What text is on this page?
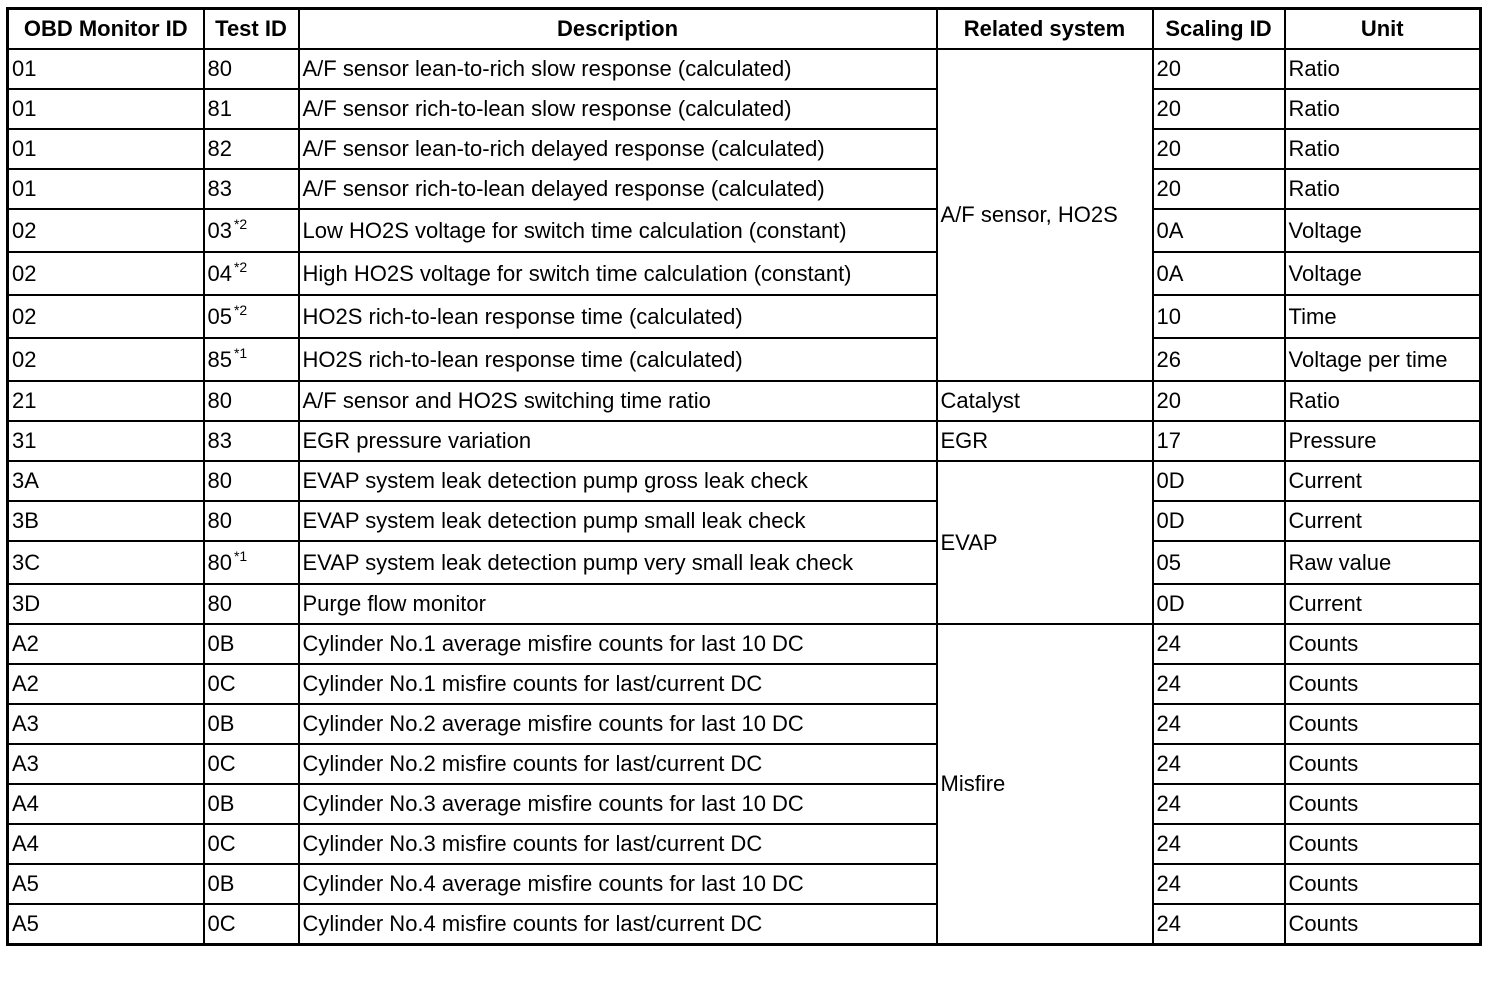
OBD Monitor ID	Test ID	Description	Related system	Scaling ID	Unit
01	80	A/F sensor lean-to-rich slow response (calculated)	A/F sensor, HO2S	20	Ratio
01	81	A/F sensor rich-to-lean slow response (calculated)		20	Ratio
01	82	A/F sensor lean-to-rich delayed response (calculated)		20	Ratio
01	83	A/F sensor rich-to-lean delayed response (calculated)		20	Ratio
02	03 $^{*2}$	Low HO2S voltage for switch time calculation (constant)		0A	Voltage
02	04 $^{*2}$	High HO2S voltage for switch time calculation (constant)		0A	Voltage
02	05 $^{*2}$	HO2S rich-to-lean response time (calculated)		10	Time
02	85 $^{*1}$	HO2S rich-to-lean response time (calculated)		26	Voltage per time
21	80	A/F sensor and HO2S switching time ratio	Catalyst	20	Ratio
31	83	EGR pressure variation	EGR	17	Pressure
3A	80	EVAP system leak detection pump gross leak check	EVAP	0D	Current
3B	80	EVAP system leak detection pump small leak check		0D	Current
3C	80 $^{*1}$	EVAP system leak detection pump very small leak check		05	Raw value
3D	80	Purge flow monitor		0D	Current
A2	0B	Cylinder No.1 average misfire counts for last 10 DC	Misfire	24	Counts
A2	0C	Cylinder No.1 misfire counts for last/current DC		24	Counts
A3	0B	Cylinder No.2 average misfire counts for last 10 DC		24	Counts
A3	0C	Cylinder No.2 misfire counts for last/current DC		24	Counts
A4	0B	Cylinder No.3 average misfire counts for last 10 DC		24	Counts
A4	0C	Cylinder No.3 misfire counts for last/current DC		24	Counts
A5	0B	Cylinder No.4 average misfire counts for last 10 DC		24	Counts
A5	0C	Cylinder No.4 misfire counts for last/current DC		24	Counts
